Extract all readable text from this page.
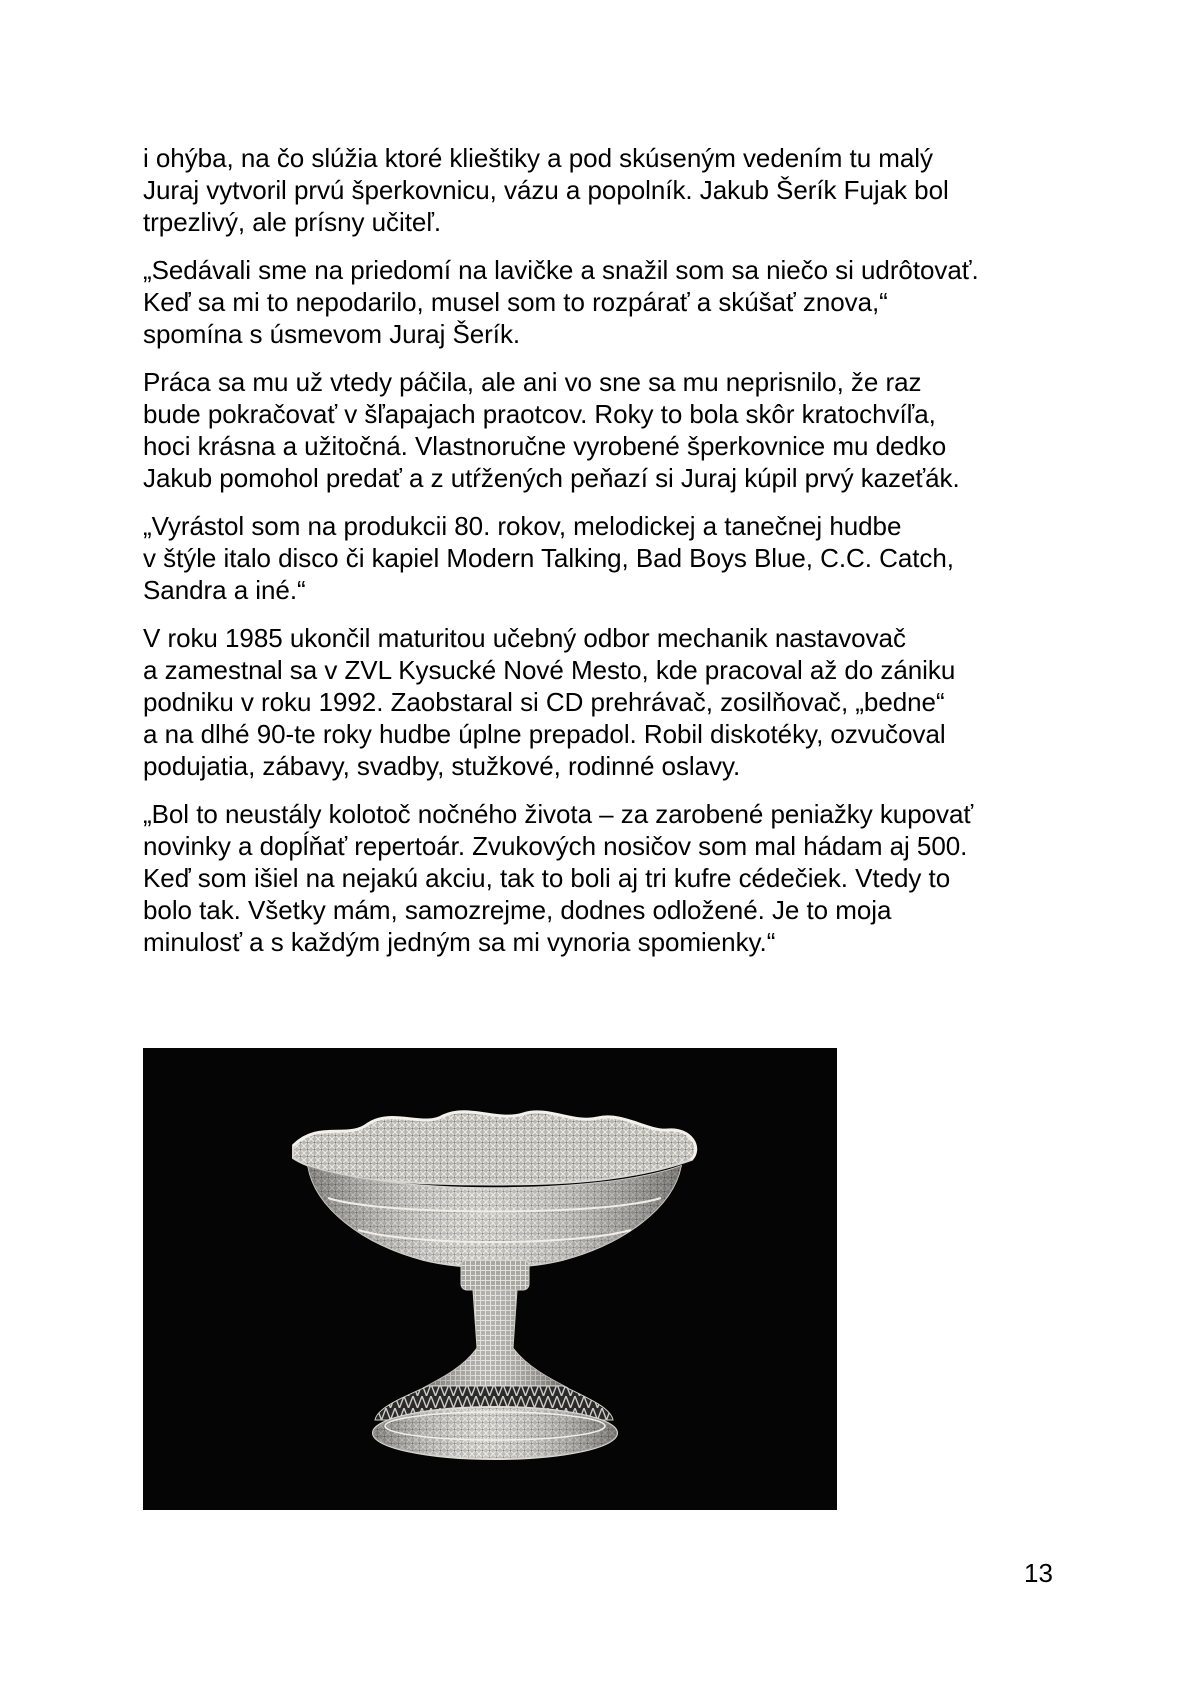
i ohýba, na čo slúžia ktoré klieštiky a pod skúseným vedením tu malý
Juraj vytvoril prvú šperkovnicu, vázu a popolník. Jakub Šerík Fujak bol
trpezlivý, ale prísny učiteľ.

„Sedávali sme na priedomí na lavičke a snažil som sa niečo si udrôtovať.
Keď sa mi to nepodarilo, musel som to rozpárať a skúšať znova,“
spomína s úsmevom Juraj Šerík.

Práca sa mu už vtedy páčila, ale ani vo sne sa mu neprisnilo, že raz
bude pokračovať v šľapajach praotcov. Roky to bola skôr kratochvíľa,
hoci krásna a užitočná. Vlastnoručne vyrobené šperkovnice mu dedko
Jakub pomohol predať a z utŕžených peňazí si Juraj kúpil prvý kazeťák.

„Vyrástol som na produkcii 80. rokov, melodickej a tanečnej hudbe
v štýle italo disco či kapiel Modern Talking, Bad Boys Blue, C.C. Catch,
Sandra a iné.“

V roku 1985 ukončil maturitou učebný odbor mechanik nastavovač
a zamestnal sa v ZVL Kysucké Nové Mesto, kde pracoval až do zániku
podniku v roku 1992. Zaobstaral si CD prehrávač, zosilňovač, „bedne“
a na dlhé 90-te roky hudbe úplne prepadol. Robil diskotéky, ozvučoval
podujatia, zábavy, svadby, stužkové, rodinné oslavy.

„Bol to neustály kolotoč nočného života – za zarobené peniažky kupovať
novinky a dopĺňať repertoár. Zvukových nosičov som mal hádam aj 500.
Keď som išiel na nejakú akciu, tak to boli aj tri kufre cédečiek. Vtedy to
bolo tak. Všetky mám, samozrejme, dodnes odložené. Je to moja
minulosť a s každým jedným sa mi vynoria spomienky.“

13
